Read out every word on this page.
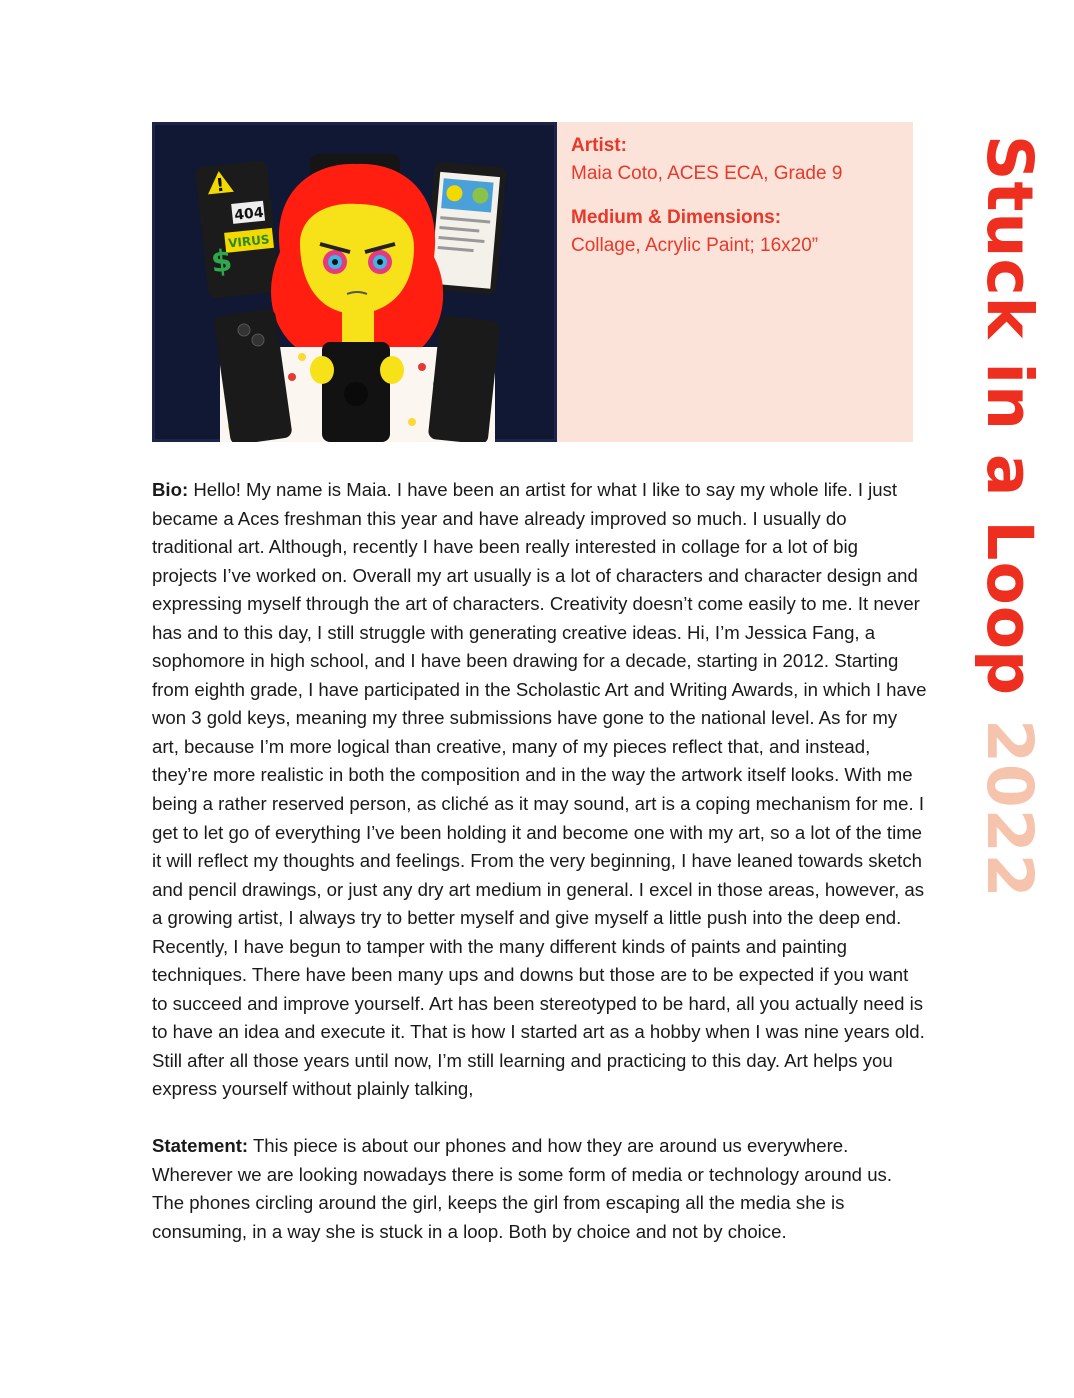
!
404
VIRUS
$
Artist:
Maia Coto, ACES ECA, Grade 9
Medium & Dimensions:
Collage, Acrylic Paint; 16x20”	Stuck in a Loop 2022

Bio: Hello! My name is Maia. I have been an artist for what I like to say my whole life. I just became a Aces freshman this year and have already improved so much. I usually do traditional art. Although, recently I have been really interested in collage for a lot of big projects I’ve worked on. Overall my art usually is a lot of characters and character design and expressing myself through the art of characters. Creativity doesn’t come easily to me. It never has and to this day, I still struggle with generating creative ideas. Hi, I’m Jessica Fang, a sophomore in high school, and I have been drawing for a decade, starting in 2012. Starting from eighth grade, I have participated in the Scholastic Art and Writing Awards, in which I have won 3 gold keys, meaning my three submissions have gone to the national level. As for my art, because I’m more logical than creative, many of my pieces reflect that, and instead, they’re more realistic in both the composition and in the way the artwork itself looks. With me being a rather reserved person, as cliché as it may sound, art is a coping mechanism for me. I get to let go of everything I’ve been holding it and become one with my art, so a lot of the time it will reflect my thoughts and feelings. From the very beginning, I have leaned towards sketch and pencil drawings, or just any dry art medium in general. I excel in those areas, however, as a growing artist, I always try to better myself and give myself a little push into the deep end. Recently, I have begun to tamper with the many different kinds of paints and painting techniques. There have been many ups and downs but those are to be expected if you want to succeed and improve yourself. Art has been stereotyped to be hard, all you actually need is to have an idea and execute it. That is how I started art as a hobby when I was nine years old. Still after all those years until now, I’m still learning and practicing to this day. Art helps you express yourself without plainly talking,

Statement: This piece is about our phones and how they are around us everywhere. Wherever we are looking nowadays there is some form of media or technology around us. The phones circling around the girl, keeps the girl from escaping all the media she is consuming, in a way she is stuck in a loop. Both by choice and not by choice.
